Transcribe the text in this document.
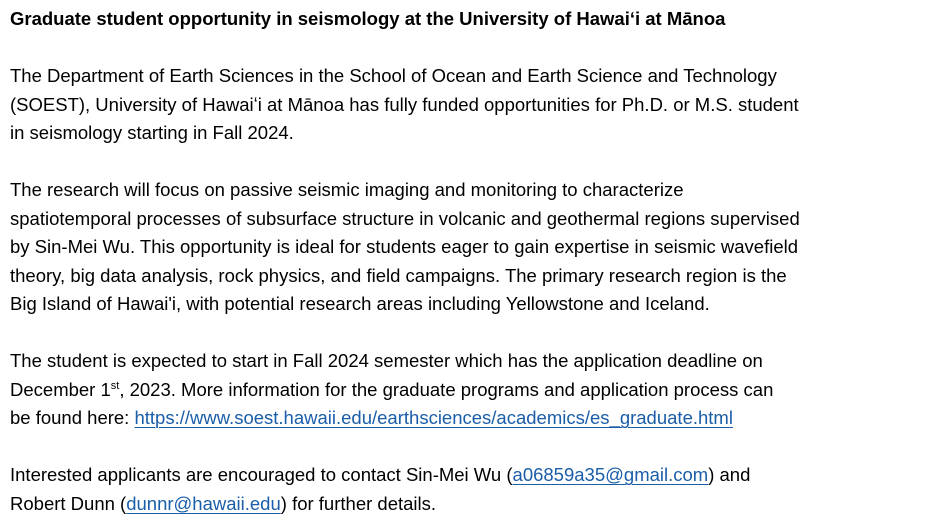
Graduate student opportunity in seismology at the University of Hawaiʻi at Mānoa

The Department of Earth Sciences in the School of Ocean and Earth Science and Technology
(SOEST), University of Hawaiʻi at Mānoa has fully funded opportunities for Ph.D. or M.S. student
in seismology starting in Fall 2024.

The research will focus on passive seismic imaging and monitoring to characterize
spatiotemporal processes of subsurface structure in volcanic and geothermal regions supervised
by Sin-Mei Wu. This opportunity is ideal for students eager to gain expertise in seismic wavefield
theory, big data analysis, rock physics, and field campaigns. The primary research region is the
Big Island of Hawai'i, with potential research areas including Yellowstone and Iceland.

The student is expected to start in Fall 2024 semester which has the application deadline on
December 1st, 2023. More information for the graduate programs and application process can
be found here: https://www.soest.hawaii.edu/earthsciences/academics/es_graduate.html

Interested applicants are encouraged to contact Sin-Mei Wu (a06859a35@gmail.com) and
Robert Dunn (dunnr@hawaii.edu) for further details.
